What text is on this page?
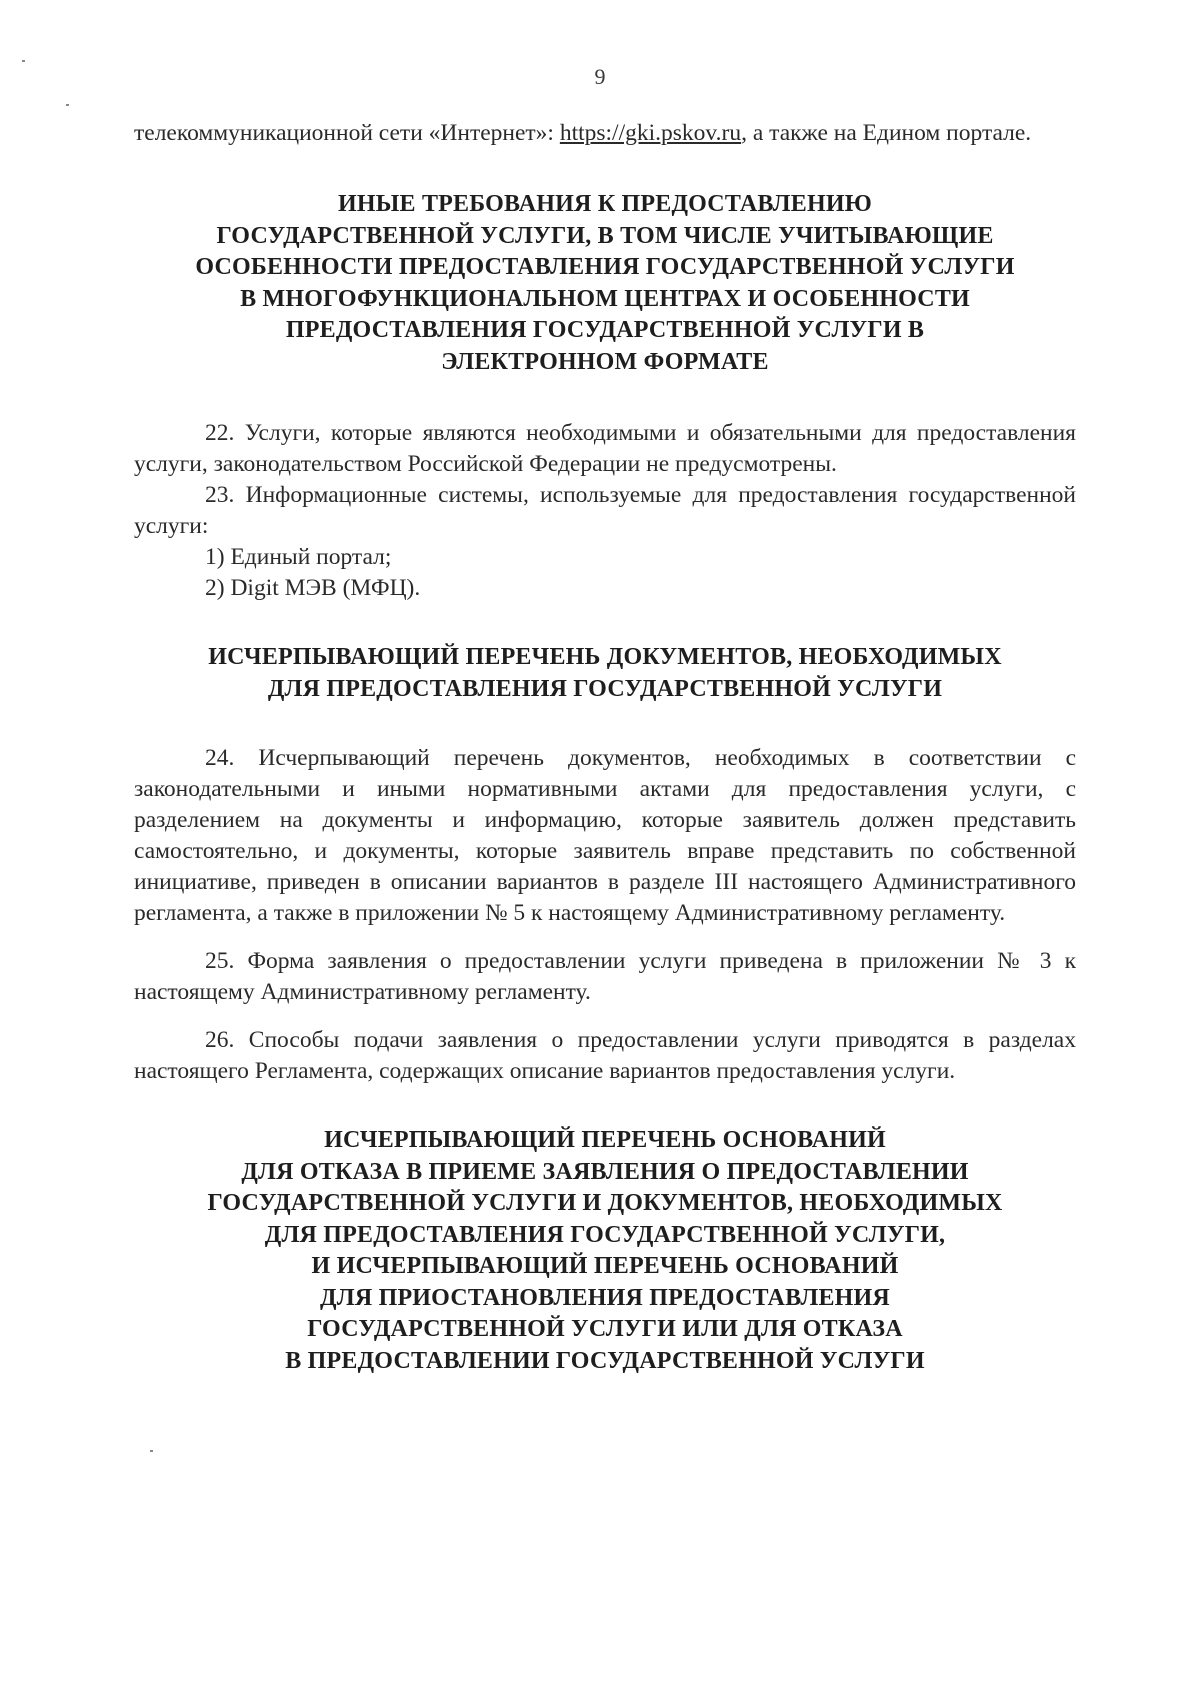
9

телекоммуникационной сети «Интернет»: https://gki.pskov.ru, а также на Едином портале.

ИНЫЕ ТРЕБОВАНИЯ К ПРЕДОСТАВЛЕНИЮ
ГОСУДАРСТВЕННОЙ УСЛУГИ, В ТОМ ЧИСЛЕ УЧИТЫВАЮЩИЕ
ОСОБЕННОСТИ ПРЕДОСТАВЛЕНИЯ ГОСУДАРСТВЕННОЙ УСЛУГИ
В МНОГОФУНКЦИОНАЛЬНОМ ЦЕНТРАХ И ОСОБЕННОСТИ
ПРЕДОСТАВЛЕНИЯ ГОСУДАРСТВЕННОЙ УСЛУГИ В
ЭЛЕКТРОННОМ ФОРМАТЕ

22. Услуги, которые являются необходимыми и обязательными для предоставления услуги, законодательством Российской Федерации не предусмотрены.

23. Информационные системы, используемые для предоставления государственной услуги:

1) Единый портал;

2) Digit МЭВ (МФЦ).

ИСЧЕРПЫВАЮЩИЙ ПЕРЕЧЕНЬ ДОКУМЕНТОВ, НЕОБХОДИМЫХ
ДЛЯ ПРЕДОСТАВЛЕНИЯ ГОСУДАРСТВЕННОЙ УСЛУГИ

24. Исчерпывающий перечень документов, необходимых в соответствии с законодательными и иными нормативными актами для предоставления услуги, с разделением на документы и информацию, которые заявитель должен представить самостоятельно, и документы, которые заявитель вправе представить по собственной инициативе, приведен в описании вариантов в разделе III настоящего Административного регламента, а также в приложении № 5 к настоящему Административному регламенту.

25. Форма заявления о предоставлении услуги приведена в приложении № 3 к настоящему Административному регламенту.

26. Способы подачи заявления о предоставлении услуги приводятся в разделах настоящего Регламента, содержащих описание вариантов предоставления услуги.

ИСЧЕРПЫВАЮЩИЙ ПЕРЕЧЕНЬ ОСНОВАНИЙ
ДЛЯ ОТКАЗА В ПРИЕМЕ ЗАЯВЛЕНИЯ О ПРЕДОСТАВЛЕНИИ
ГОСУДАРСТВЕННОЙ УСЛУГИ И ДОКУМЕНТОВ, НЕОБХОДИМЫХ
ДЛЯ ПРЕДОСТАВЛЕНИЯ ГОСУДАРСТВЕННОЙ УСЛУГИ,
И ИСЧЕРПЫВАЮЩИЙ ПЕРЕЧЕНЬ ОСНОВАНИЙ
ДЛЯ ПРИОСТАНОВЛЕНИЯ ПРЕДОСТАВЛЕНИЯ
ГОСУДАРСТВЕННОЙ УСЛУГИ ИЛИ ДЛЯ ОТКАЗА
В ПРЕДОСТАВЛЕНИИ ГОСУДАРСТВЕННОЙ УСЛУГИ
